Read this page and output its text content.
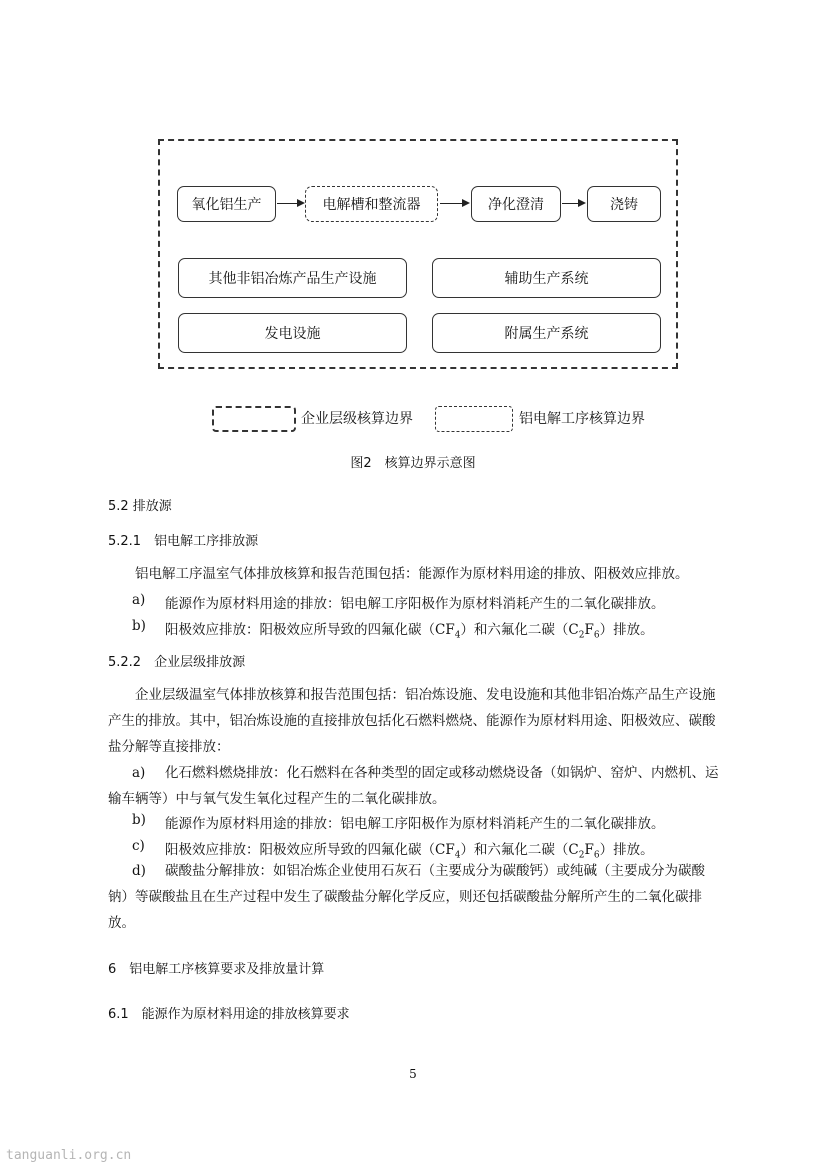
氧化铝生产	电解槽和整流器	净化澄清	浇铸
其他非铝冶炼产品生产设施	辅助生产系统
发电设施	附属生产系统
企业层级核算边界	铝电解工序核算边界
图2　核算边界示意图
5.2 排放源
5.2.1　铝电解工序排放源
铝电解工序温室气体排放核算和报告范围包括：能源作为原材料用途的排放、阳极效应排放。
a) 能源作为原材料用途的排放：铝电解工序阳极作为原材料消耗产生的二氧化碳排放。
b) 阳极效应排放：阳极效应所导致的四氟化碳$(CF_4)$和六氟化二碳$(C_2F_6)$排放。
5.2.2　企业层级排放源
企业层级温室气体排放核算和报告范围包括：铝冶炼设施、发电设施和其他非铝冶炼产品生产设施产生的排放。其中，铝冶炼设施的直接排放包括化石燃料燃烧、能源作为原材料用途、阳极效应、碳酸盐分解等直接排放：
a) 化石燃料燃烧排放：化石燃料在各种类型的固定或移动燃烧设备（如锅炉、窑炉、内燃机、运输车辆等）中与氧气发生氧化过程产生的二氧化碳排放。
b) 能源作为原材料用途的排放：铝电解工序阳极作为原材料消耗产生的二氧化碳排放。
c) 阳极效应排放：阳极效应所导致的四氟化碳$(CF_4)$和六氟化二碳$(C_2F_6)$排放。
d) 碳酸盐分解排放：如铝冶炼企业使用石灰石（主要成分为碳酸钙）或纯碱（主要成分为碳酸钠）等碳酸盐且在生产过程中发生了碳酸盐分解化学反应，则还包括碳酸盐分解所产生的二氧化碳排放。
6　铝电解工序核算要求及排放量计算
6.1　能源作为原材料用途的排放核算要求
5
tanguanli.org.cn
